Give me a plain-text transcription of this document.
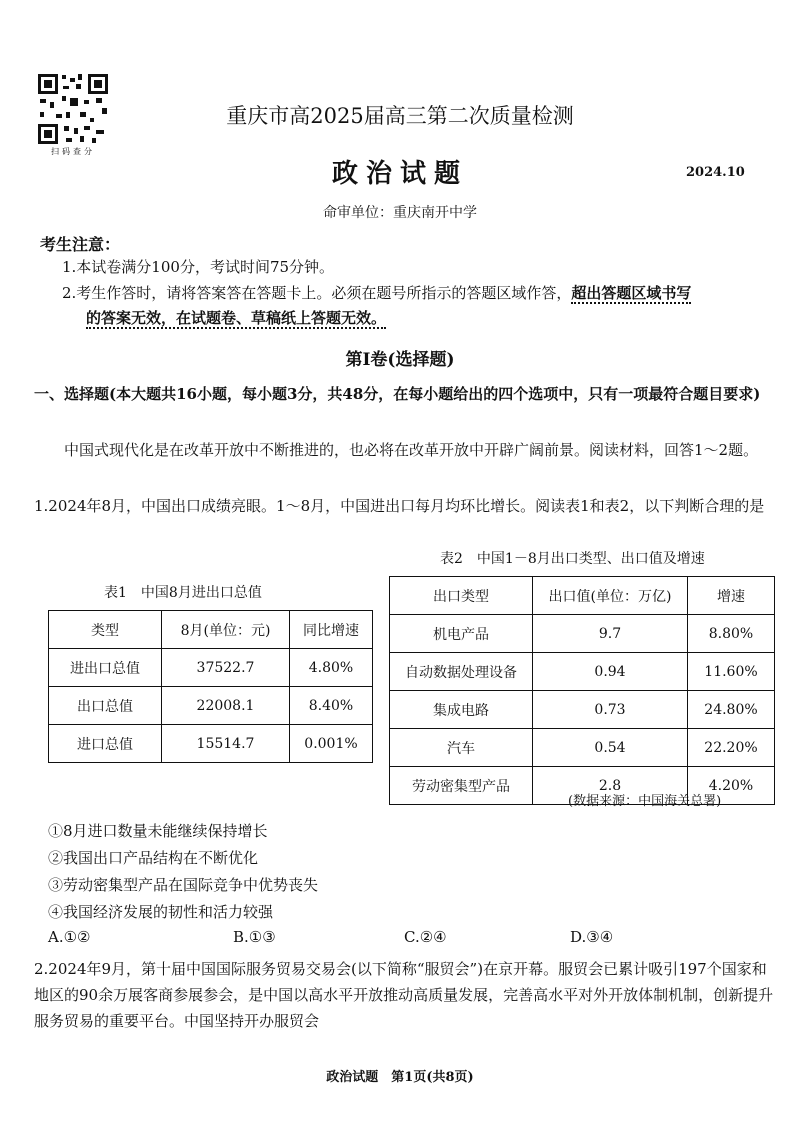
扫码查分
重庆市高2025届高三第二次质量检测
政治试题	2024.10
命审单位：重庆南开中学
考生注意：
1.本试卷满分100分，考试时间75分钟。
2.考生作答时，请将答案答在答题卡上。必须在题号所指示的答题区域作答，超出答题区域书写
的答案无效，在试题卷、草稿纸上答题无效。
第Ⅰ卷(选择题)
一、选择题(本大题共16小题，每小题3分，共48分，在每小题给出的四个选项中，只有一项最符合题目要求)
中国式现代化是在改革开放中不断推进的，也必将在改革开放中开辟广阔前景。阅读材料，回答1～2题。
1.2024年8月，中国出口成绩亮眼。1～8月，中国进出口每月均环比增长。阅读表1和表2，以下判断合理的是
表2　中国1－8月出口类型、出口值及增速
表1　中国8月进出口总值
类型	8月(单位：元)	同比增速
进出口总值	37522.7	4.80%
出口总值	22008.1	8.40%
进口总值	15514.7	0.001%
出口类型	出口值(单位：万亿)	增速
机电产品	9.7	8.80%
自动数据处理设备	0.94	11.60%
集成电路	0.73	24.80%
汽车	0.54	22.20%
劳动密集型产品	2.8	4.20%
(数据来源：中国海关总署)
①8月进口数量未能继续保持增长
②我国出口产品结构在不断优化
③劳动密集型产品在国际竞争中优势丧失
④我国经济发展的韧性和活力较强
A.①②	B.①③	C.②④	D.③④
2.2024年9月，第十届中国国际服务贸易交易会(以下简称“服贸会”)在京开幕。服贸会已累计吸引197个国家和地区的90余万展客商参展参会，是中国以高水平开放推动高质量发展，完善高水平对外开放体制机制，创新提升服务贸易的重要平台。中国坚持开办服贸会
政治试题　第1页(共8页)
